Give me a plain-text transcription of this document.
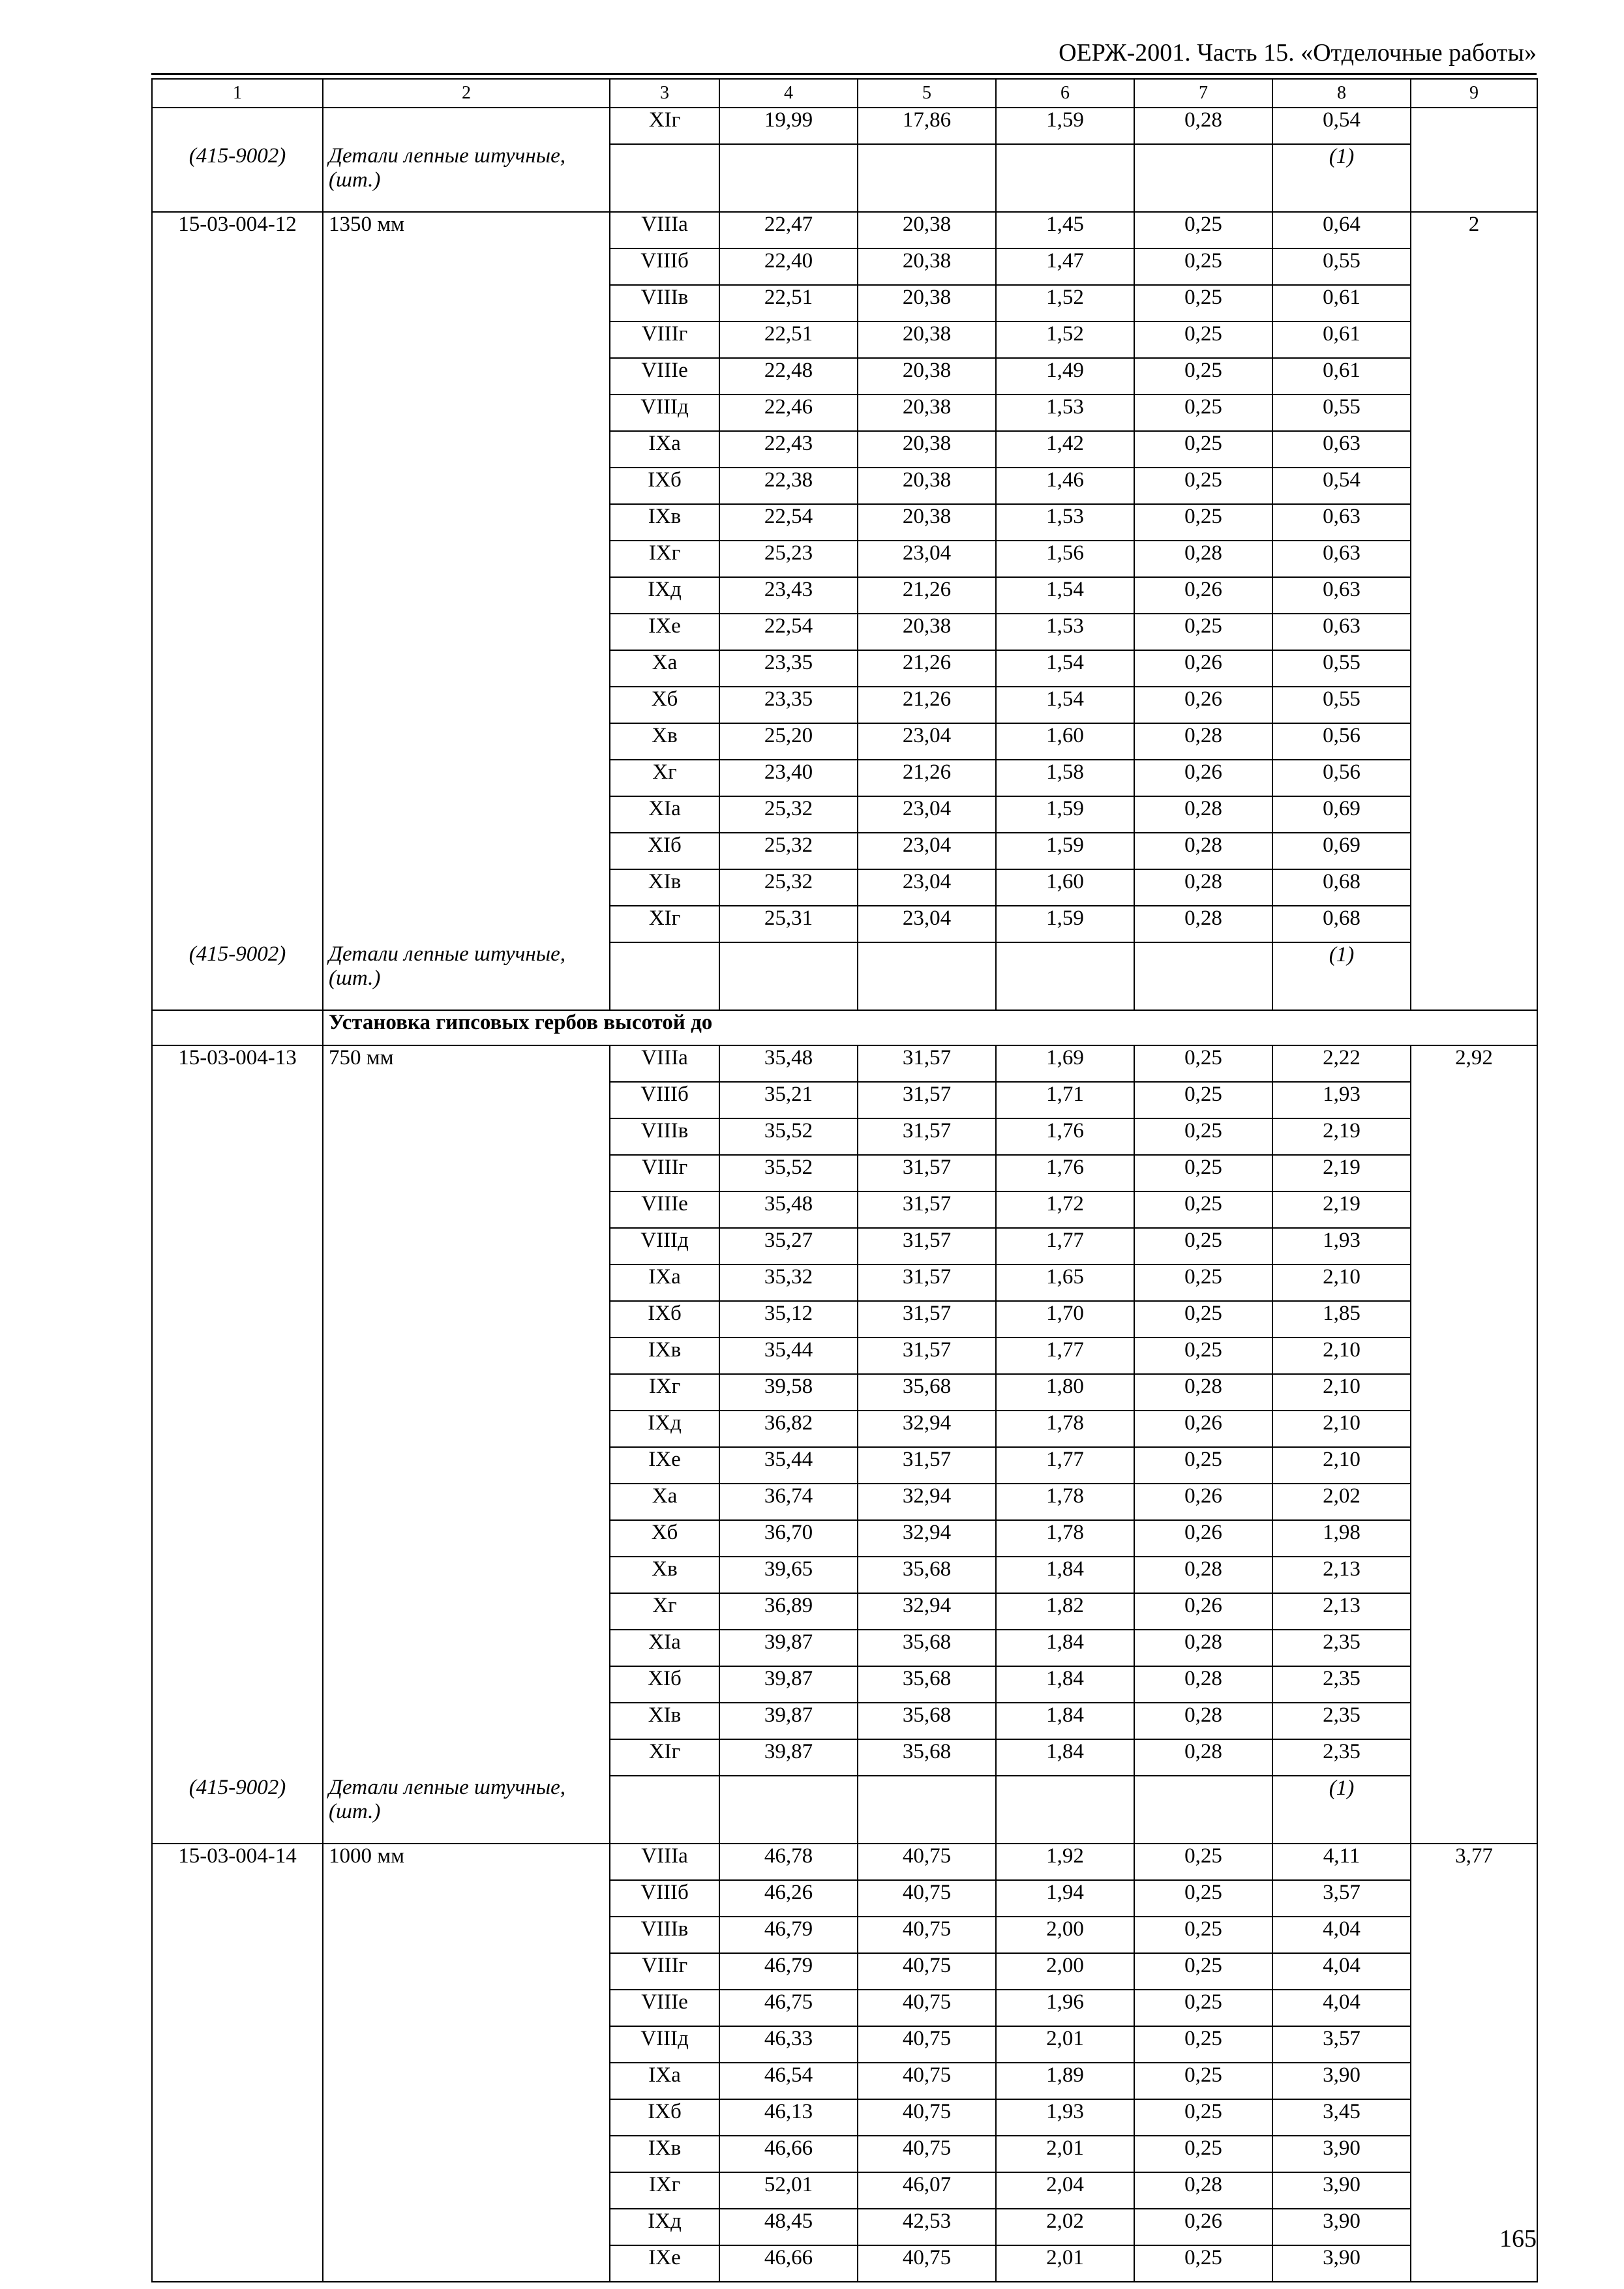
ОЕРЖ-2001. Часть 15. «Отделочные работы»
1	2	3	4	5	6	7	8	9
		XIг	19,99	17,86	1,59	0,28	0,54	
(415-9002)	Детали лепные штучные, (шт.)						(1)	
15-03-004-12	1350 мм	VIIIа	22,47	20,38	1,45	0,25	0,64	2
		VIIIб	22,40	20,38	1,47	0,25	0,55	
		VIIIв	22,51	20,38	1,52	0,25	0,61	
		VIIIг	22,51	20,38	1,52	0,25	0,61	
		VIIIе	22,48	20,38	1,49	0,25	0,61	
		VIIIд	22,46	20,38	1,53	0,25	0,55	
		IXа	22,43	20,38	1,42	0,25	0,63	
		IXб	22,38	20,38	1,46	0,25	0,54	
		IXв	22,54	20,38	1,53	0,25	0,63	
		IXг	25,23	23,04	1,56	0,28	0,63	
		IXд	23,43	21,26	1,54	0,26	0,63	
		IXе	22,54	20,38	1,53	0,25	0,63	
		Xа	23,35	21,26	1,54	0,26	0,55	
		Xб	23,35	21,26	1,54	0,26	0,55	
		Xв	25,20	23,04	1,60	0,28	0,56	
		Xг	23,40	21,26	1,58	0,26	0,56	
		XIа	25,32	23,04	1,59	0,28	0,69	
		XIб	25,32	23,04	1,59	0,28	0,69	
		XIв	25,32	23,04	1,60	0,28	0,68	
		XIг	25,31	23,04	1,59	0,28	0,68	
(415-9002)	Детали лепные штучные, (шт.)						(1)	
	Установка гипсовых гербов высотой до							
15-03-004-13	750 мм	VIIIа	35,48	31,57	1,69	0,25	2,22	2,92
		VIIIб	35,21	31,57	1,71	0,25	1,93	
		VIIIв	35,52	31,57	1,76	0,25	2,19	
		VIIIг	35,52	31,57	1,76	0,25	2,19	
		VIIIе	35,48	31,57	1,72	0,25	2,19	
		VIIIд	35,27	31,57	1,77	0,25	1,93	
		IXа	35,32	31,57	1,65	0,25	2,10	
		IXб	35,12	31,57	1,70	0,25	1,85	
		IXв	35,44	31,57	1,77	0,25	2,10	
		IXг	39,58	35,68	1,80	0,28	2,10	
		IXд	36,82	32,94	1,78	0,26	2,10	
		IXе	35,44	31,57	1,77	0,25	2,10	
		Xа	36,74	32,94	1,78	0,26	2,02	
		Xб	36,70	32,94	1,78	0,26	1,98	
		Xв	39,65	35,68	1,84	0,28	2,13	
		Xг	36,89	32,94	1,82	0,26	2,13	
		XIа	39,87	35,68	1,84	0,28	2,35	
		XIб	39,87	35,68	1,84	0,28	2,35	
		XIв	39,87	35,68	1,84	0,28	2,35	
		XIг	39,87	35,68	1,84	0,28	2,35	
(415-9002)	Детали лепные штучные, (шт.)						(1)	
15-03-004-14	1000 мм	VIIIа	46,78	40,75	1,92	0,25	4,11	3,77
		VIIIб	46,26	40,75	1,94	0,25	3,57	
		VIIIв	46,79	40,75	2,00	0,25	4,04	
		VIIIг	46,79	40,75	2,00	0,25	4,04	
		VIIIе	46,75	40,75	1,96	0,25	4,04	
		VIIIд	46,33	40,75	2,01	0,25	3,57	
		IXа	46,54	40,75	1,89	0,25	3,90	
		IXб	46,13	40,75	1,93	0,25	3,45	
		IXв	46,66	40,75	2,01	0,25	3,90	
		IXг	52,01	46,07	2,04	0,28	3,90	
		IXд	48,45	42,53	2,02	0,26	3,90	
		IXе	46,66	40,75	2,01	0,25	3,90	
165
